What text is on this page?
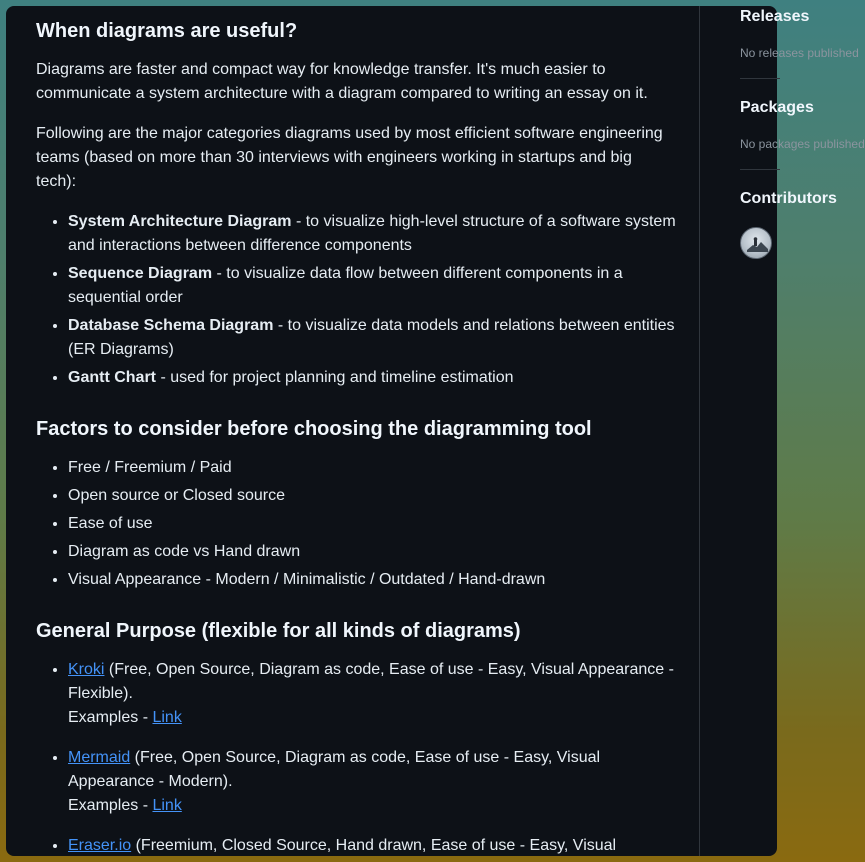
When diagrams are useful?

Diagrams are faster and compact way for knowledge transfer. It's much easier to communicate a system architecture with a diagram compared to writing an essay on it.

Following are the major categories diagrams used by most efficient software engineering teams (based on more than 30 interviews with engineers working in startups and big tech):

• System Architecture Diagram - to visualize high-level structure of a software system and interactions between difference components
• Sequence Diagram - to visualize data flow between different components in a sequential order
• Database Schema Diagram - to visualize data models and relations between entities (ER Diagrams)
• Gantt Chart - used for project planning and timeline estimation
Factors to consider before choosing the diagramming tool
• Free / Freemium / Paid
• Open source or Closed source
• Ease of use
• Diagram as code vs Hand drawn
• Visual Appearance - Modern / Minimalistic / Outdated / Hand-drawn
General Purpose (flexible for all kinds of diagrams)
• Kroki (Free, Open Source, Diagram as code, Ease of use - Easy, Visual Appearance - Flexible).
Examples - Link
• Mermaid (Free, Open Source, Diagram as code, Ease of use - Easy, Visual Appearance - Modern).
Examples - Link
• Eraser.io (Freemium, Closed Source, Hand drawn, Ease of use - Easy, Visual
Releases
No releases published
Packages
No packages published
Contributors
